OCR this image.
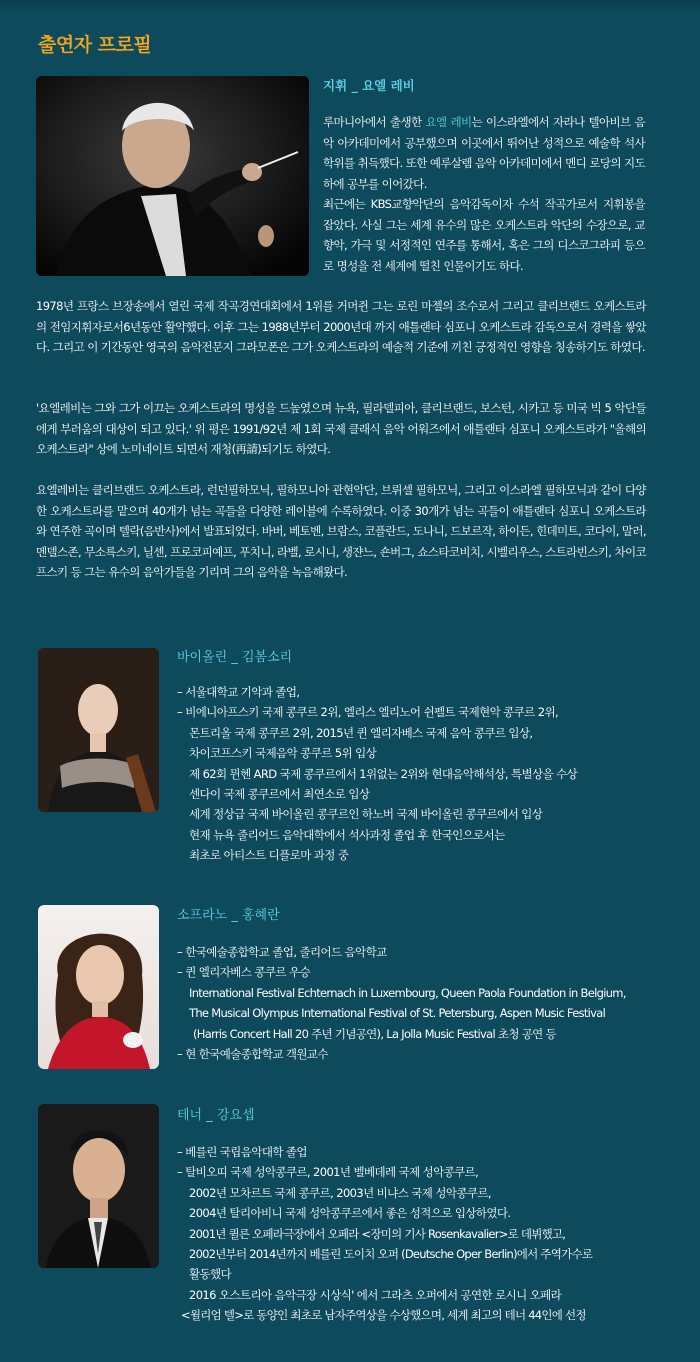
출연자 프로필
지휘 _ 요엘 레비
루마니아에서 출생한 요엘 레비는 이스라엘에서 자라나 텔아비브 음악 아카데미에서 공부했으며 이곳에서 뛰어난 성적으로 예술학 석사학위를 취득했다. 또한 예루살렘 음악 아카데미에서 멘디 로당의 지도하에 공부를 이어갔다.
최근에는 KBS교향악단의 음악감독이자 수석 작곡가로서 지휘봉을 잡았다. 사실 그는 세계 유수의 많은 오케스트라 악단의 수장으로, 교향악, 가극 및 서정적인 연주를 통해서, 혹은 그의 디스코그라피 등으로 명성을 전 세계에 떨친 인물이기도 하다.
1978년 프랑스 브장송에서 열린 국제 작곡경연대회에서 1위를 거머쥔 그는 로린 마젤의 조수로서 그리고 클리브랜드 오케스트라의 전임지휘자로서6년동안 활약했다. 이후 그는 1988년부터 2000년대 까지 애틀랜타 심포니 오케스트라 감독으로서 경력을 쌓았다. 그리고 이 기간동안 영국의 음악전문지 그라모폰은 그가 오케스트라의 예술적 기준에 끼친 긍정적인 영향을 칭송하기도 하였다.
'요엘레비는 그와 그가 이끄는 오케스트라의 명성을 드높였으며 뉴욕, 필라델피아, 클리브랜드, 보스턴, 시카고 등 미국 빅 5 악단들에게 부러움의 대상이 되고 있다.' 위 평은 1991/92년 제 1회 국제 클래식 음악 어워즈에서 애틀랜타 심포니 오케스트라가 "올해의 오케스트라" 상에 노미네이트 되면서 재청(再請)되기도 하였다.
요엘레비는 클리브랜드 오케스트라, 런던필하모닉, 필하모니아 관현악단, 브뤼셀 필하모닉, 그리고 이스라엘 필하모닉과 같이 다양한 오케스트라를 맡으며 40개가 넘는 곡들을 다양한 레이블에 수록하였다. 이중 30개가 넘는 곡들이 애틀랜타 심포니 오케스트라와 연주한 곡이며 텔락(음반사)에서 발표되었다. 바버, 베토벤, 브람스, 코플란드, 도나니, 드보르작, 하이든, 힌데미트, 코다이, 말러, 멘델스존, 무소륵스키, 닐센, 프로코피예프, 푸치니, 라벨, 로시니, 생쟌느, 숀버그, 쇼스타코비치, 시벨리우스, 스트라빈스키, 차이코프스키 등 그는 유수의 음악가들을 기리며 그의 음악을 녹음해왔다.
바이올린 _ 김봄소리
– 서울대학교 기악과 졸업,
– 비에니아프스키 국제 콩쿠르 2위, 엘리스 엘리노어 쉰펠트 국제현악 콩쿠르 2위,
몬트리올 국제 콩쿠르 2위, 2015년 퀸 엘리자베스 국제 음악 콩쿠르 입상,
차이코프스키 국제음악 콩쿠르 5위 입상
제 62회 뮌헨 ARD 국제 콩쿠르에서 1위없는 2위와 현대음악해석상, 특별상을 수상
센다이 국제 콩쿠르에서 최연소로 입상
세계 정상급 국제 바이올린 콩쿠르인 하노버 국제 바이올린 콩쿠르에서 입상
현재 뉴욕 줄리어드 음악대학에서 석사과정 졸업 후 한국인으로서는
최초로 아티스트 디플로마 과정 중
소프라노 _ 홍혜란
– 한국예술종합학교 졸업, 줄리어드 음악학교
– 퀸 엘리자베스 콩쿠르 우승
International Festival Echternach in Luxembourg, Queen Paola Foundation in Belgium,
The Musical Olympus International Festival of St. Petersburg, Aspen Music Festival
(Harris Concert Hall 20 주년 기념공연), La Jolla Music Festival 초청 공연 등
– 현 한국예술종합학교 객원교수
테너 _ 강요셉
– 베를린 국립음악대학 졸업
– 탈비오띠 국제 성악콩쿠르, 2001년 벨베데레 국제 성악콩쿠르,
2002년 모차르트 국제 콩쿠르, 2003년 비냐스 국제 성악콩쿠르,
2004년 탈리아비니 국제 성악콩쿠르에서 좋은 성적으로 입상하였다.
2001년 퀼른 오페라극장에서 오페라 <장미의 기사 Rosenkavalier>로 데뷔했고,
2002년부터 2014년까지 베를린 도이치 오퍼 (Deutsche Oper Berlin)에서 주역가수로
활동했다
2016 오스트리아 음악극장 시상식' 에서 그라츠 오퍼에서 공연한 로시니 오페라
<윌리엄 텔>로 동양인 최초로 남자주역상을 수상했으며, 세계 최고의 테너 44인에 선정
